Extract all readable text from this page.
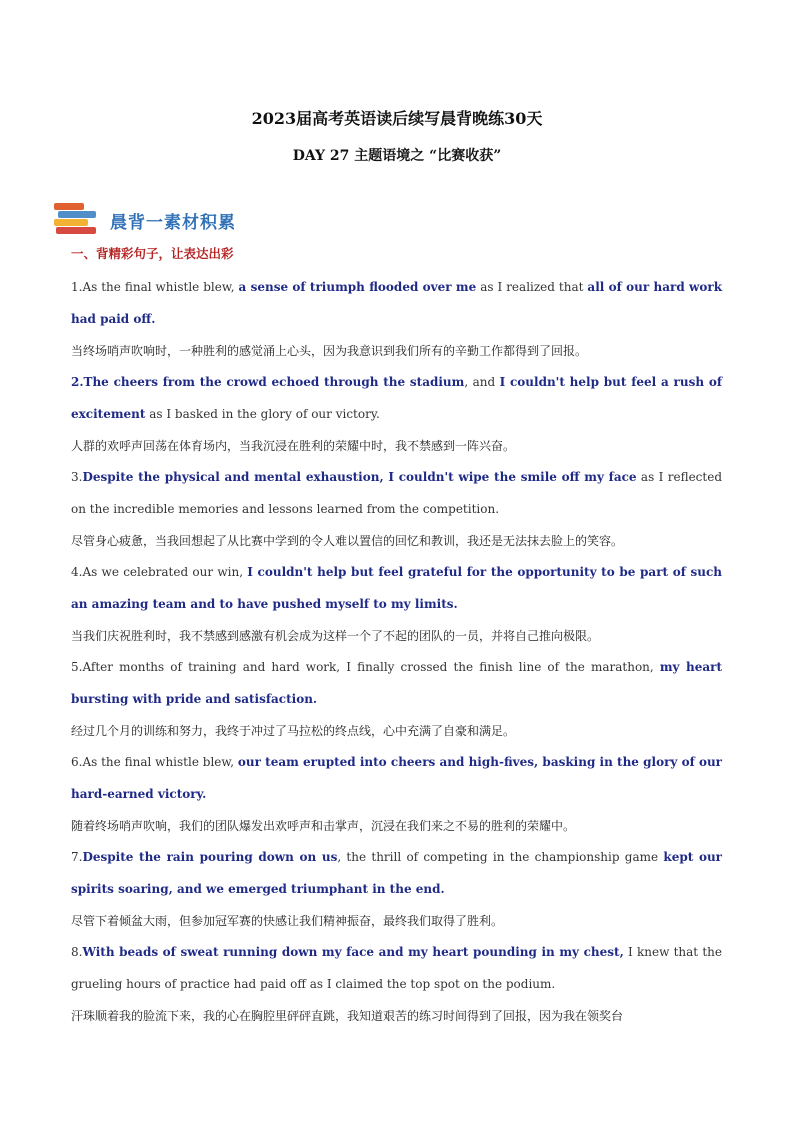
2023届高考英语读后续写晨背晚练30天
DAY 27 主题语境之 “比赛收获”
晨背一素材积累
一、背精彩句子，让表达出彩

1.As the final whistle blew, a sense of triumph flooded over me as I realized that all of our hard work had paid off.

当终场哨声吹响时，一种胜利的感觉涌上心头，因为我意识到我们所有的辛勤工作都得到了回报。

2.The cheers from the crowd echoed through the stadium, and I couldn't help but feel a rush of excitement as I basked in the glory of our victory.

人群的欢呼声回荡在体育场内，当我沉浸在胜利的荣耀中时，我不禁感到一阵兴奋。

3.Despite the physical and mental exhaustion, I couldn't wipe the smile off my face as I reflected on the incredible memories and lessons learned from the competition.

尽管身心疲惫，当我回想起了从比赛中学到的令人难以置信的回忆和教训，我还是无法抹去脸上的笑容。

4.As we celebrated our win, I couldn't help but feel grateful for the opportunity to be part of such an amazing team and to have pushed myself to my limits.

当我们庆祝胜利时，我不禁感到感激有机会成为这样一个了不起的团队的一员，并将自己推向极限。

5.After months of training and hard work, I finally crossed the finish line of the marathon, my heart bursting with pride and satisfaction.

经过几个月的训练和努力，我终于冲过了马拉松的终点线，心中充满了自豪和满足。

6.As the final whistle blew, our team erupted into cheers and high-fives, basking in the glory of our hard-earned victory.

随着终场哨声吹响，我们的团队爆发出欢呼声和击掌声，沉浸在我们来之不易的胜利的荣耀中。

7.Despite the rain pouring down on us, the thrill of competing in the championship game kept our spirits soaring, and we emerged triumphant in the end.

尽管下着倾盆大雨，但参加冠军赛的快感让我们精神振奋，最终我们取得了胜利。

8.With beads of sweat running down my face and my heart pounding in my chest, I knew that the grueling hours of practice had paid off as I claimed the top spot on the podium.

汗珠顺着我的脸流下来，我的心在胸腔里砰砰直跳，我知道艰苦的练习时间得到了回报，因为我在领奖台
